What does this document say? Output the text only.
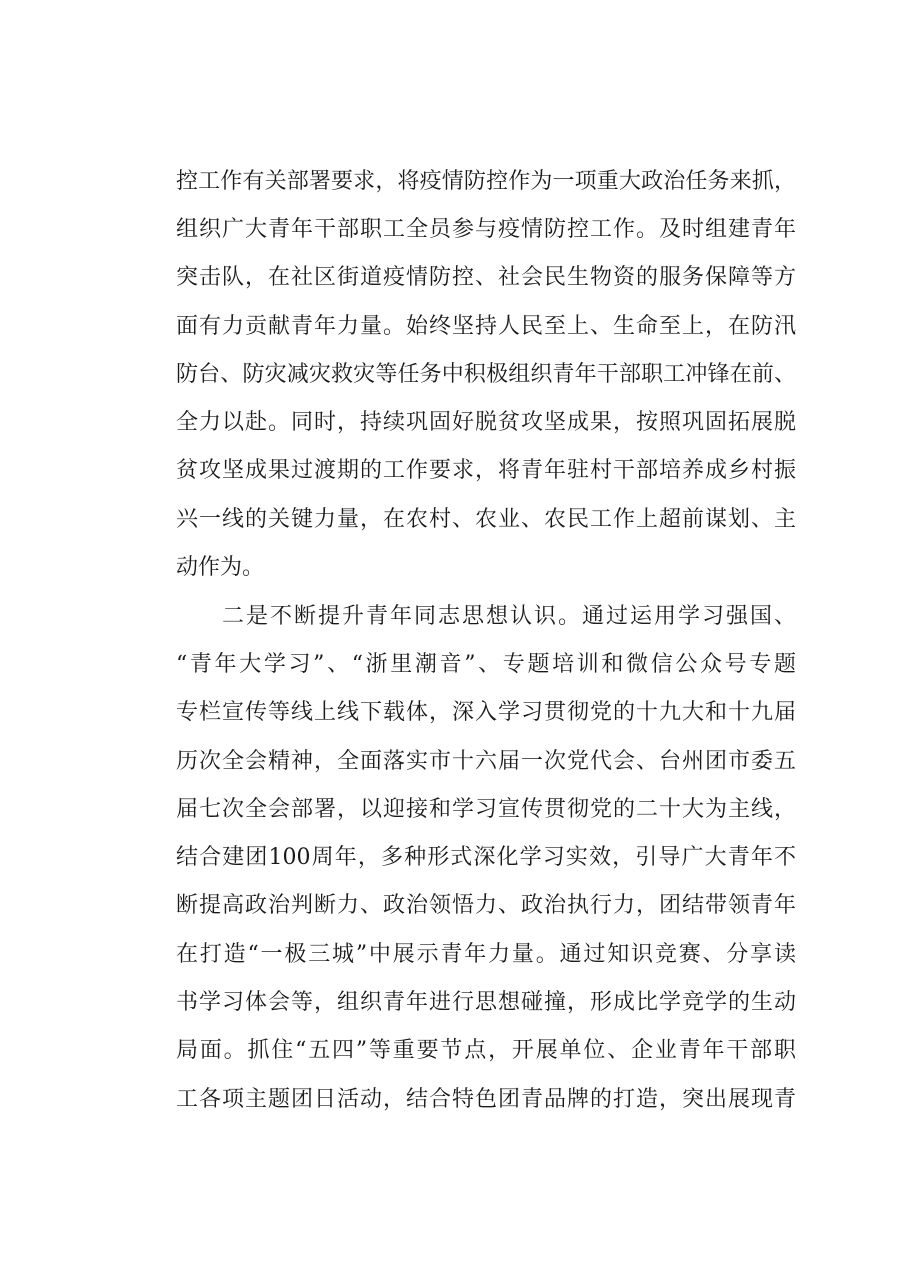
控工作有关部署要求，将疫情防控作为一项重大政治任务来抓，

组织广大青年干部职工全员参与疫情防控工作。及时组建青年

突击队，在社区街道疫情防控、社会民生物资的服务保障等方

面有力贡献青年力量。始终坚持人民至上、生命至上，在防汛

防台、防灾减灾救灾等任务中积极组织青年干部职工冲锋在前、

全力以赴。同时，持续巩固好脱贫攻坚成果，按照巩固拓展脱

贫攻坚成果过渡期的工作要求，将青年驻村干部培养成乡村振

兴一线的关键力量，在农村、农业、农民工作上超前谋划、主

动作为。

二是不断提升青年同志思想认识。通过运用学习强国、

“青年大学习”、“浙里潮音”、专题培训和微信公众号专题

专栏宣传等线上线下载体，深入学习贯彻党的十九大和十九届

历次全会精神，全面落实市十六届一次党代会、台州团市委五

届七次全会部署，以迎接和学习宣传贯彻党的二十大为主线，

结合建团100周年，多种形式深化学习实效，引导广大青年不

断提高政治判断力、政治领悟力、政治执行力，团结带领青年

在打造“一极三城”中展示青年力量。通过知识竞赛、分享读

书学习体会等，组织青年进行思想碰撞，形成比学竞学的生动

局面。抓住“五四”等重要节点，开展单位、企业青年干部职

工各项主题团日活动，结合特色团青品牌的打造，突出展现青
